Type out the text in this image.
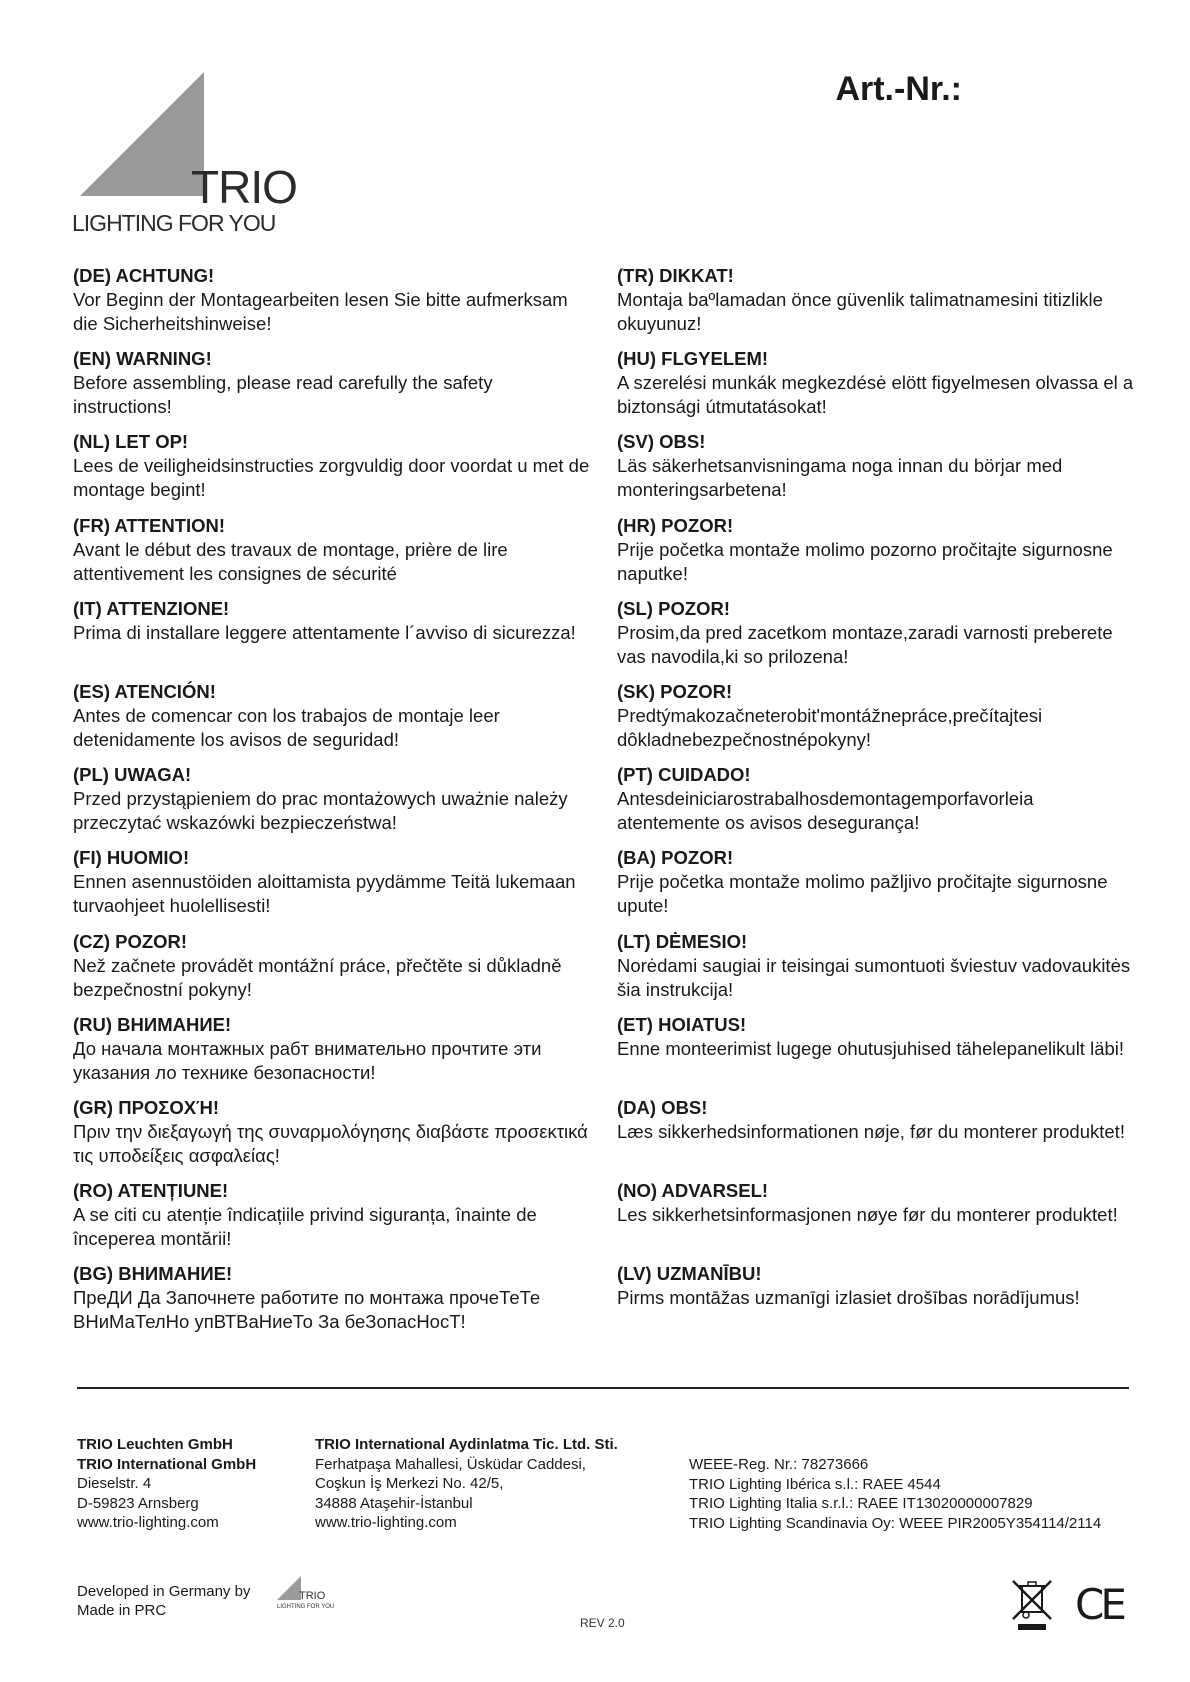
TRIO
LIGHTING FOR YOU
Art.-Nr.:
(DE) ACHTUNG!

Vor Beginn der Montagearbeiten lesen Sie bitte aufmerksam die Sicherheitshinweise!

(EN) WARNING!

Before assembling, please read carefully the safety instructions!

(NL) LET OP!

Lees de veiligheidsinstructies zorgvuldig door voordat u met de montage begint!

(FR) ATTENTION!

Avant le début des travaux de montage, prière de lire attentivement les consignes de sécurité

(IT) ATTENZIONE!

Prima di installare leggere attentamente l´avviso di sicurezza!

(ES) ATENCIÓN!

Antes de comencar con los trabajos de montaje leer detenidamente los avisos de seguridad!

(PL) UWAGA!

Przed przystąpieniem do prac montażowych uważnie należy przeczytać wskazówki bezpieczeństwa!

(FI) HUOMIO!

Ennen asennustöiden aloittamista pyydämme Teitä lukemaan turvaohjeet huolellisesti!

(CZ) POZOR!

Než začnete provádět montážní práce, přečtěte si důkladně bezpečnostní pokyny!

(RU) ВНИМАНИЕ!

До начала монтажных рабт внимательно прочтите эти указания ло технике безопасности!

(GR) ΠΡΟΣΟΧΉ!

Πριν την διεξαγωγή της συναρμολόγησης διαβάστε προσεκτικά τις υποδείξεις ασφαλείας!

(RO) ATENȚIUNE!

A se citi cu atenție îndicațiile privind siguranța, înainte de începerea montării!

(BG) ВНИМАНИЕ!

ПреДИ Да Започнете работите по монтажа прочеТеТе ВНиМаТелНо упВТВаНиеТо За беЗопасНосТ!

(TR) DIKKAT!

Montaja baºlamadan önce güvenlik talimatnamesini titizlikle okuyunuz!

(HU) FLGYELEM!

A szerelési munkák megkezdésė elött figyelmesen olvassa el a biztonsági útmutatásokat!

(SV) OBS!

Läs säkerhetsanvisningama noga innan du börjar med monteringsarbetena!

(HR) POZOR!

Prije početka montaže molimo pozorno pročitajte sigurnosne naputke!

(SL) POZOR!

Prosim,da pred zacetkom montaze,zaradi varnosti preberete vas navodila,ki so prilozena!

(SK) POZOR!

Predtýmakozačneterobit'montážnepráce,prečítajtesi dôkladnebezpečnostnépokyny!

(PT) CUIDADO!

Antesdeiniciarostrabalhosdemontagemporfavorleia atentemente os avisos desegurança!

(BA) POZOR!

Prije početka montaže molimo pažljivo pročitajte sigurnosne upute!

(LT) DĖMESIO!

Norėdami saugiai ir teisingai sumontuoti šviestuv vadovaukitės šia instrukcija!

(ET) HOIATUS!

Enne monteerimist lugege ohutusjuhised tähelepanelikult läbi!

(DA) OBS!

Læs sikkerhedsinformationen nøje, før du monterer produktet!

(NO) ADVARSEL!

Les sikkerhetsinformasjonen nøye før du monterer produktet!

(LV) UZMANĪBU!

Pirms montāžas uzmanīgi izlasiet drošības norādījumus!

TRIO Leuchten GmbH
TRIO International GmbH
Dieselstr. 4
D-59823 Arnsberg
www.trio-lighting.com
TRIO International Aydinlatma Tic. Ltd. Sti.
Ferhatpaşa Mahallesi, Üsküdar Caddesi,
Coşkun İş Merkezi No. 42/5,
34888 Ataşehir-İstanbul
www.trio-lighting.com
WEEE-Reg. Nr.: 78273666
TRIO Lighting Ibérica s.l.: RAEE 4544
TRIO Lighting Italia s.r.l.: RAEE IT13020000007829
TRIO Lighting Scandinavia Oy: WEEE PIR2005Y354114/2114
Developed in Germany by
Made in PRC
TRIO
LIGHTING FOR YOU
REV 2.0	CE
